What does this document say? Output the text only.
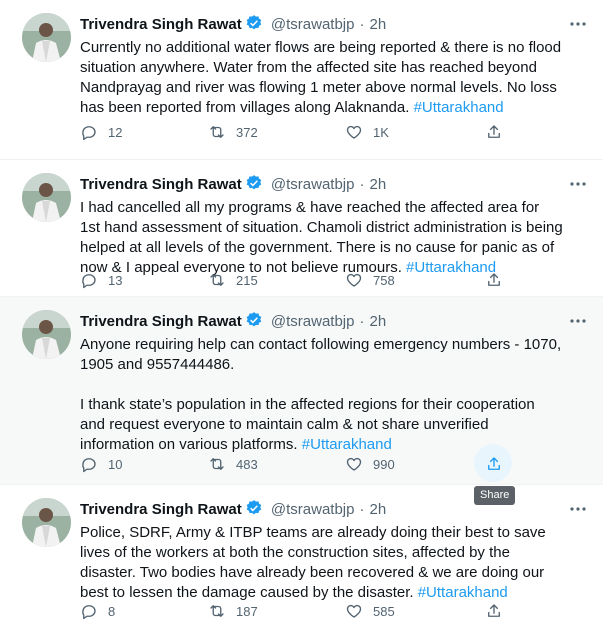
Trivendra Singh Rawat @tsrawatbjp · 2h

Currently no additional water flows are being reported & there is no flood situation anywhere. Water from the affected site has reached beyond Nandprayag and river was flowing 1 meter above normal levels. No loss has been reported from villages along Alaknanda. #Uttarakhand

12	372	1K
Trivendra Singh Rawat @tsrawatbjp · 2h

I had cancelled all my programs & have reached the affected area for 1st hand assessment of situation. Chamoli district administration is being helped at all levels of the government. There is no cause for panic as of now & I appeal everyone to not believe rumours. #Uttarakhand

13	215	758
Trivendra Singh Rawat @tsrawatbjp · 2h

Anyone requiring help can contact following emergency numbers - 1070, 1905 and 9557444486.

I thank state’s population in the affected regions for their cooperation and request everyone to maintain calm & not share unverified information on various platforms. #Uttarakhand

10	483	990
Trivendra Singh Rawat @tsrawatbjp · 2h

Police, SDRF, Army & ITBP teams are already doing their best to save lives of the workers at both the construction sites, affected by the disaster. Two bodies have already been recovered & we are doing our best to lessen the damage caused by the disaster. #Uttarakhand

8	187	585
Share
